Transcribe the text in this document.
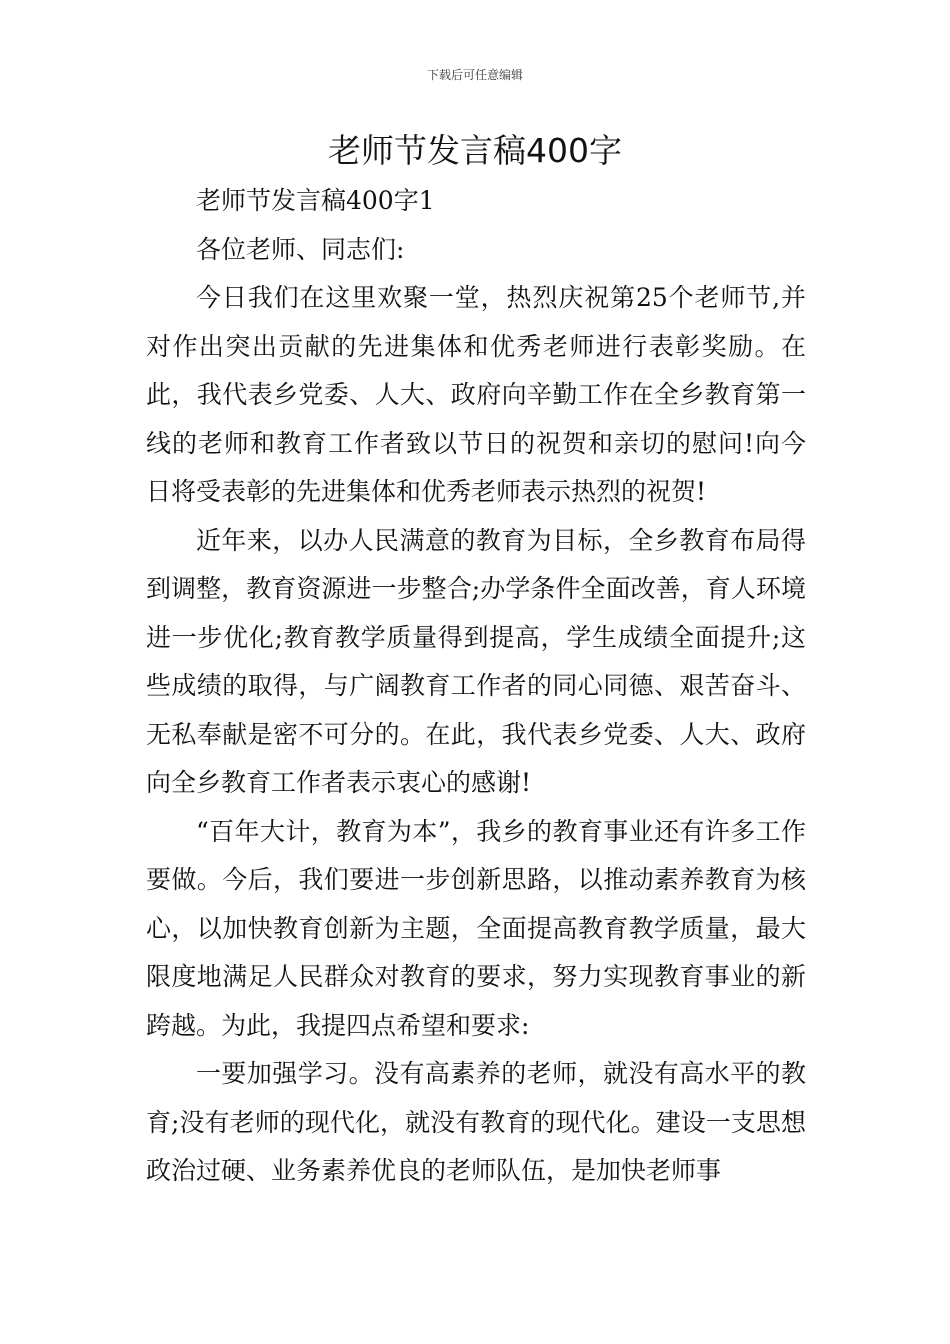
下载后可任意编辑
老师节发言稿400字

老师节发言稿400字1

各位老师、同志们:

今日我们在这里欢聚一堂，热烈庆祝第25个老师节,并对作出突出贡献的先进集体和优秀老师进行表彰奖励。在此，我代表乡党委、人大、政府向辛勤工作在全乡教育第一线的老师和教育工作者致以节日的祝贺和亲切的慰问!向今日将受表彰的先进集体和优秀老师表示热烈的祝贺!

近年来，以办人民满意的教育为目标，全乡教育布局得到调整，教育资源进一步整合;办学条件全面改善，育人环境进一步优化;教育教学质量得到提高，学生成绩全面提升;这些成绩的取得，与广阔教育工作者的同心同德、艰苦奋斗、无私奉献是密不可分的。在此，我代表乡党委、人大、政府向全乡教育工作者表示衷心的感谢!

“百年大计，教育为本”，我乡的教育事业还有许多工作要做。今后，我们要进一步创新思路，以推动素养教育为核心，以加快教育创新为主题，全面提高教育教学质量，最大限度地满足人民群众对教育的要求，努力实现教育事业的新跨越。为此，我提四点希望和要求:

一要加强学习。没有高素养的老师，就没有高水平的教育;没有老师的现代化，就没有教育的现代化。建设一支思想政治过硬、业务素养优良的老师队伍，是加快老师事
